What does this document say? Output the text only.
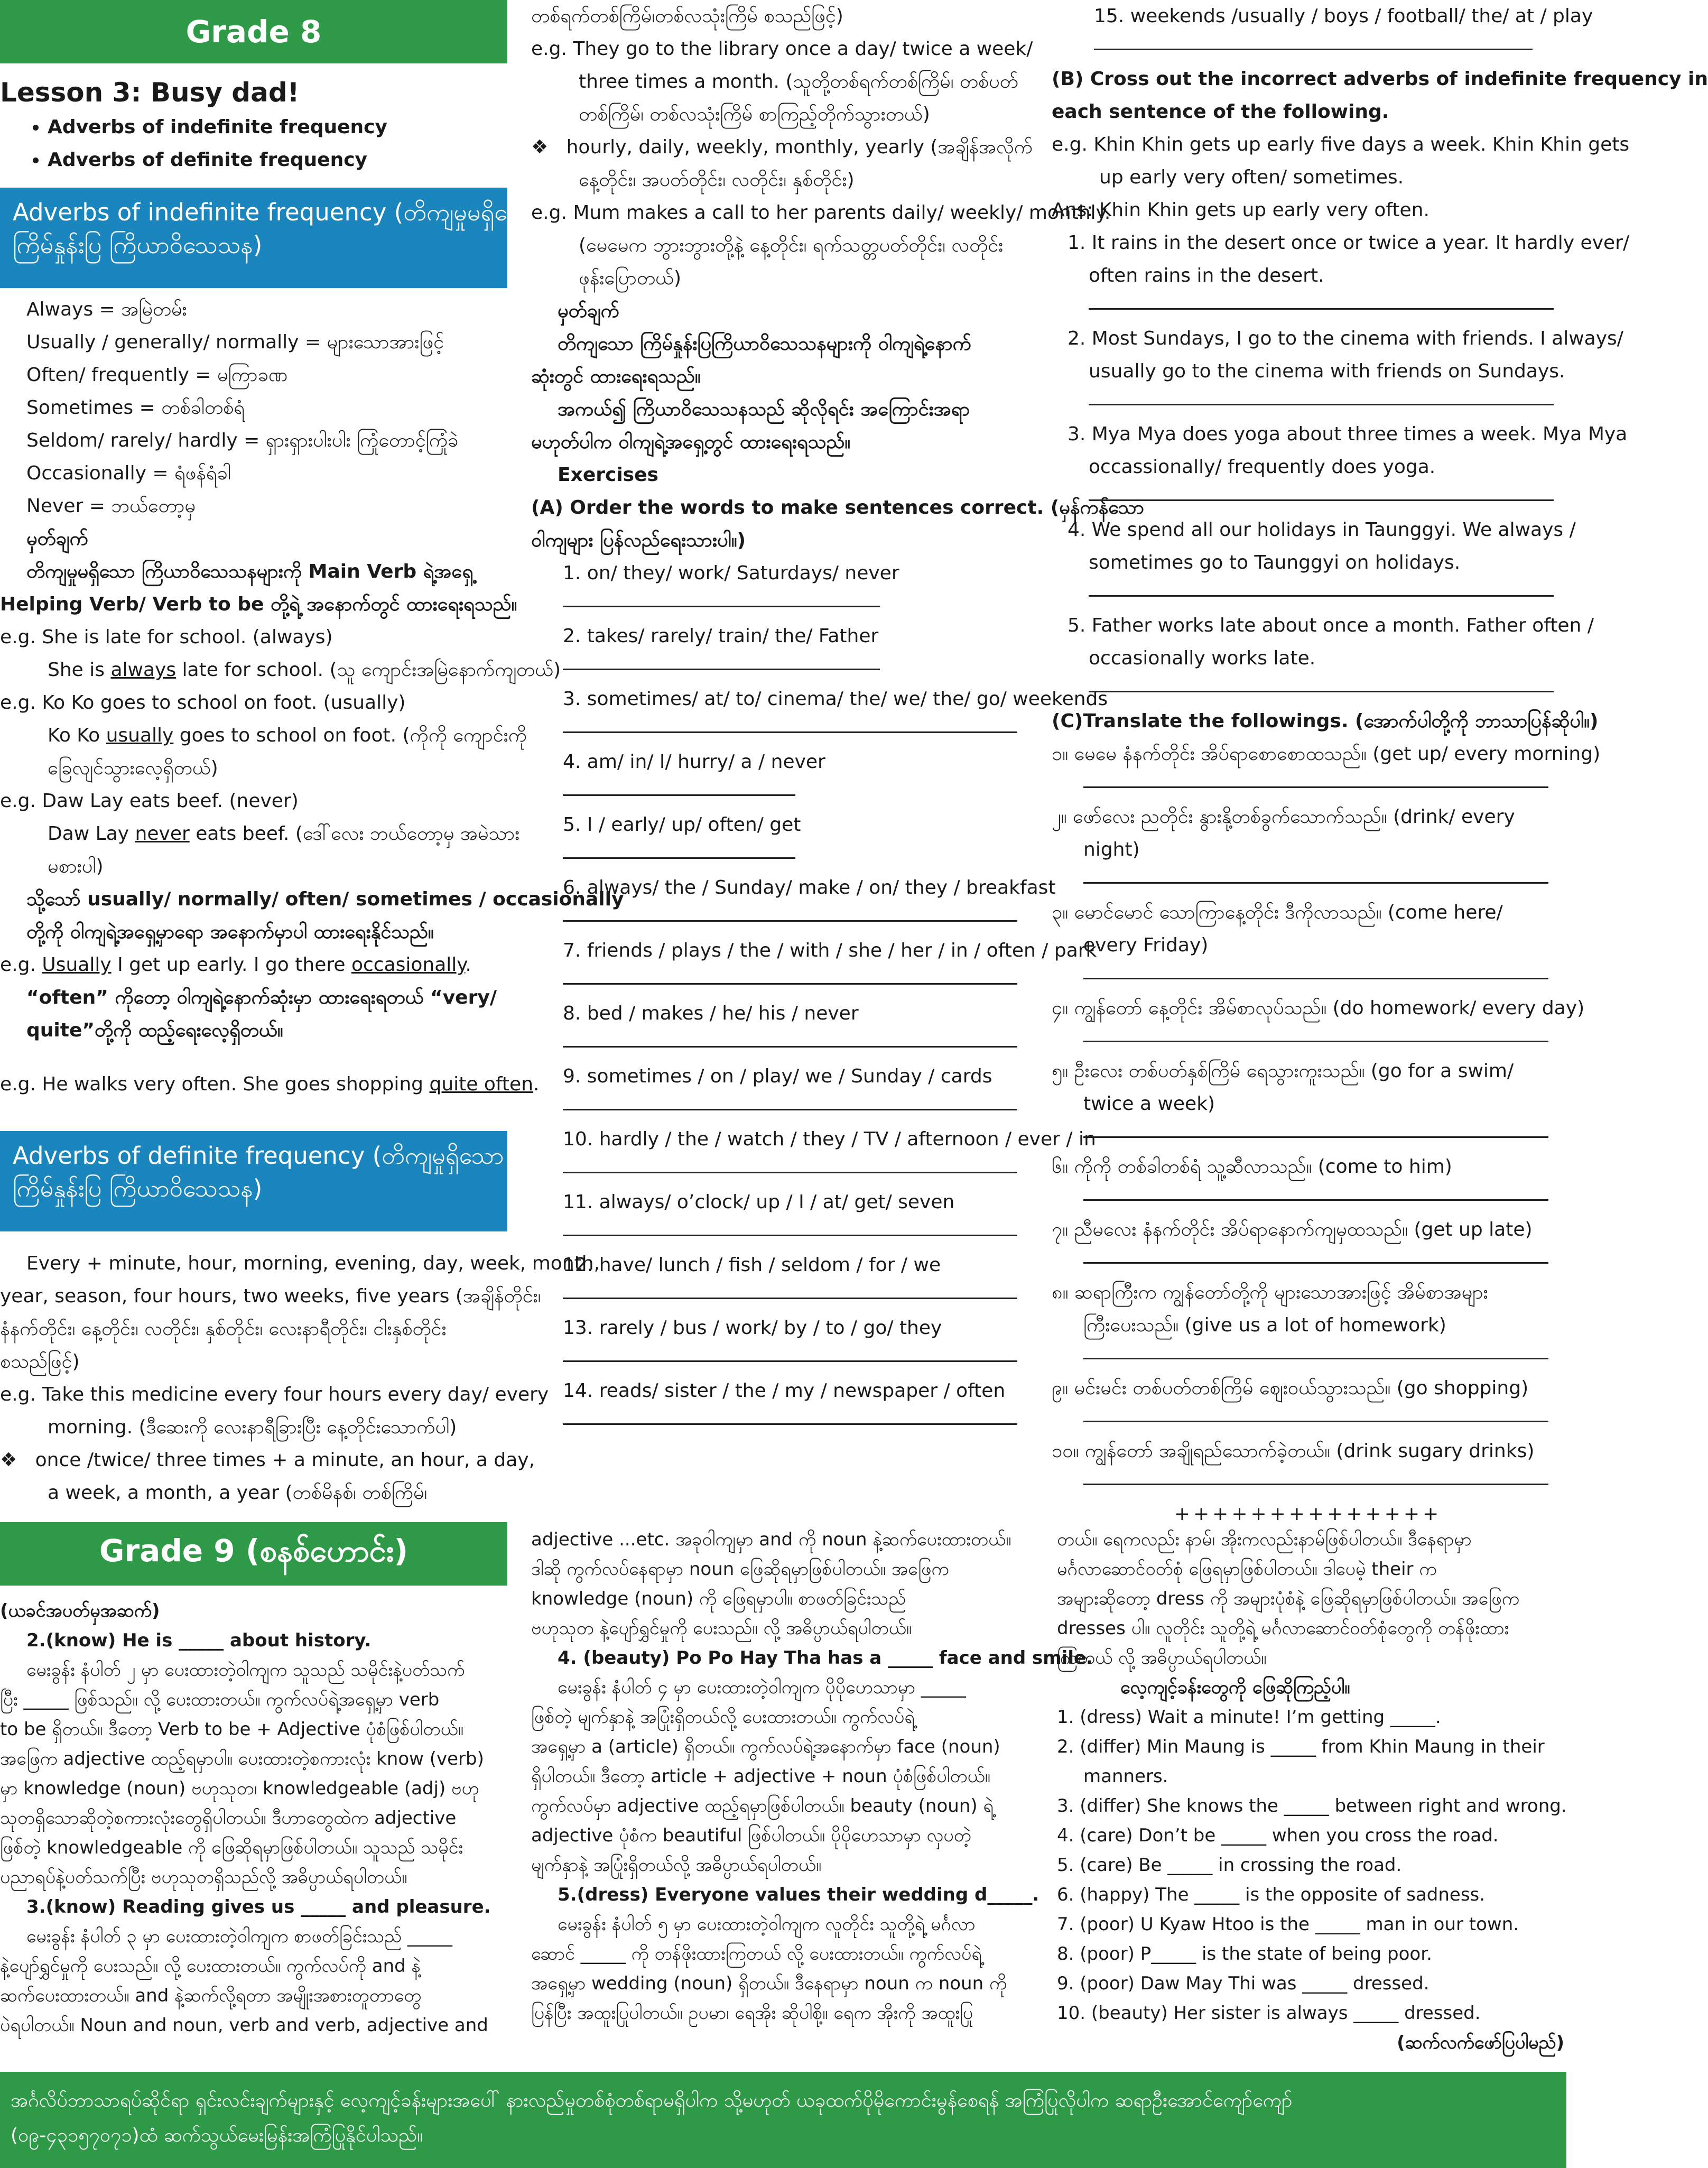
Grade 8
Lesson 3: Busy dad!
• Adverbs of indefinite frequency
• Adverbs of definite frequency
Adverbs of indefinite frequency (တိကျမှုမရှိသော
ကြိမ်နှုန်းပြ ကြိယာဝိသေသန)
Always = အမြဲတမ်း
Usually / generally/ normally = များသောအားဖြင့်
Often/ frequently = မကြာခဏ
Sometimes = တစ်ခါတစ်ရံ
Seldom/ rarely/ hardly = ရှားရှားပါးပါး ကြုံတောင့်ကြုံခဲ
Occasionally = ရံဖန်ရံခါ
Never = ဘယ်တော့မှ
မှတ်ချက်
တိကျမှုမရှိသော ကြိယာဝိသေသနများကို Main Verb ရဲ့အရှေ့
Helping Verb/ Verb to be တို့ရဲ့ အနောက်တွင် ထားရေးရသည်။
e.g. She is late for school. (always)
She is always late for school. (သူ ကျောင်းအမြဲနောက်ကျတယ်)
e.g. Ko Ko goes to school on foot. (usually)
Ko Ko usually goes to school on foot. (ကိုကို ကျောင်းကို
ခြေလျင်သွားလေ့ရှိတယ်)
e.g. Daw Lay eats beef. (never)
Daw Lay never eats beef. (ဒေါ်လေး ဘယ်တော့မှ အမဲသား
မစားပါ)
သို့သော် usually/ normally/ often/ sometimes / occasionally
တို့ကို ဝါကျရဲ့အရှေ့မှာရော အနောက်မှာပါ ထားရေးနိုင်သည်။
e.g. Usually I get up early. I go there occasionally.
“often” ကိုတော့ ဝါကျရဲ့နောက်ဆုံးမှာ ထားရေးရတယ် “very/
quite”တို့ကို ထည့်ရေးလေ့ရှိတယ်။
e.g. He walks very often. She goes shopping quite often.
Adverbs of definite frequency (တိကျမှုရှိသော
ကြိမ်နှုန်းပြ ကြိယာဝိသေသန)
Every + minute, hour, morning, evening, day, week, month,
year, season, four hours, two weeks, five years (အချိန်တိုင်း၊
နံနက်တိုင်း၊ နေ့တိုင်း၊ လတိုင်း၊ နှစ်တိုင်း၊ လေးနာရီတိုင်း၊ ငါးနှစ်တိုင်း
စသည်ဖြင့်)
e.g. Take this medicine every four hours every day/ every
morning. (ဒီဆေးကို လေးနာရီခြားပြီး နေ့တိုင်းသောက်ပါ)
❖   once /twice/ three times + a minute, an hour, a day,
a week, a month, a year (တစ်မိနစ်၊ တစ်ကြိမ်၊
တစ်ရက်တစ်ကြိမ်၊တစ်လသုံးကြိမ် စသည်ဖြင့်)
e.g. They go to the library once a day/ twice a week/
three times a month. (သူတို့တစ်ရက်တစ်ကြိမ်၊ တစ်ပတ်
တစ်ကြိမ်၊ တစ်လသုံးကြိမ် စာကြည့်တိုက်သွားတယ်)
❖   hourly, daily, weekly, monthly, yearly (အချိန်အလိုက်
နေ့တိုင်း၊ အပတ်တိုင်း၊ လတိုင်း၊ နှစ်တိုင်း)
e.g. Mum makes a call to her parents daily/ weekly/ monthly.
(မေမေက ဘွားဘွားတို့နဲ့ နေ့တိုင်း၊ ရက်သတ္တပတ်တိုင်း၊ လတိုင်း
ဖုန်းပြောတယ်)
မှတ်ချက်
တိကျသော ကြိမ်နှုန်းပြကြိယာဝိသေသနများကို ဝါကျရဲ့နောက်
ဆုံးတွင် ထားရေးရသည်။
အကယ်၍ ကြိယာဝိသေသနသည် ဆိုလိုရင်း အကြောင်းအရာ
မဟုတ်ပါက ဝါကျရဲ့အရှေ့တွင် ထားရေးရသည်။
Exercises
(A) Order the words to make sentences correct. (မှန်ကန်သော
ဝါကျများ ပြန်လည်ရေးသားပါ။)
1. on/ they/ work/ Saturdays/ never
2. takes/ rarely/ train/ the/ Father
3. sometimes/ at/ to/ cinema/ the/ we/ the/ go/ weekends
4. am/ in/ I/ hurry/ a / never
5. I / early/ up/ often/ get
6. always/ the / Sunday/ make / on/ they / breakfast
7. friends / plays / the / with / she / her / in / often / park
8. bed / makes / he/ his / never
9. sometimes / on / play/ we / Sunday / cards
10. hardly / the / watch / they / TV / afternoon / ever / in
11. always/ o’clock/ up / I / at/ get/ seven
12. have/ lunch / fish / seldom / for / we
13. rarely / bus / work/ by / to / go/ they
14. reads/ sister / the / my / newspaper / often
15. weekends /usually / boys / football/ the/ at / play
(B) Cross out the incorrect adverbs of indefinite frequency in
each sentence of the following.
e.g. Khin Khin gets up early five days a week. Khin Khin gets
up early very often/ sometimes.
Ans: Khin Khin gets up early very often.
1. It rains in the desert once or twice a year. It hardly ever/
often rains in the desert.
2. Most Sundays, I go to the cinema with friends. I always/
usually go to the cinema with friends on Sundays.
3. Mya Mya does yoga about three times a week. Mya Mya
occassionally/ frequently does yoga.
4. We spend all our holidays in Taunggyi. We always /
sometimes go to Taunggyi on holidays.
5. Father works late about once a month. Father often /
occasionally works late.
(C)Translate the followings. (အောက်ပါတို့ကို ဘာသာပြန်ဆိုပါ။)
၁။ မေမေ နံနက်တိုင်း အိပ်ရာစောစောထသည်။ (get up/ every morning)
၂။ ဖော်လေး ညတိုင်း နွားနို့တစ်ခွက်သောက်သည်။ (drink/ every
night)
၃။ မောင်မောင် သောကြာနေ့တိုင်း ဒီကိုလာသည်။ (come here/
every Friday)
၄။ ကျွန်တော် နေ့တိုင်း အိမ်စာလုပ်သည်။ (do homework/ every day)
၅။ ဦးလေး တစ်ပတ်နှစ်ကြိမ် ရေသွားကူးသည်။ (go for a swim/
twice a week)
၆။ ကိုကို တစ်ခါတစ်ရံ သူ့ဆီလာသည်။ (come to him)
၇။ ညီမလေး နံနက်တိုင်း အိပ်ရာနောက်ကျမှထသည်။ (get up late)
၈။ ဆရာကြီးက ကျွန်တော်တို့ကို များသောအားဖြင့် အိမ်စာအများ
ကြီးပေးသည်။ (give us a lot of homework)
၉။ မင်းမင်း တစ်ပတ်တစ်ကြိမ် ဈေးဝယ်သွားသည်။ (go shopping)
၁၀။ ကျွန်တော် အချိုရည်သောက်ခဲ့တယ်။ (drink sugary drinks)
++++++++++++++
Grade 9 (စနစ်ဟောင်း)
(ယခင်အပတ်မှအဆက်)
2.(know) He is _____ about history.
မေးခွန်း နံပါတ် ၂ မှာ ပေးထားတဲ့ဝါကျက သူသည် သမိုင်းနဲ့ပတ်သက်
ပြီး _____ ဖြစ်သည်။ လို့ ပေးထားတယ်။ ကွက်လပ်ရဲ့အရှေ့မှာ verb
to be ရှိတယ်။ ဒီတော့ Verb to be + Adjective ပုံစံဖြစ်ပါတယ်။
အဖြေက adjective ထည့်ရမှာပါ။ ပေးထားတဲ့စကားလုံး know (verb)
မှာ knowledge (noun) ဗဟုသုတ၊ knowledgeable (adj) ဗဟု
သုတရှိသောဆိုတဲ့စကားလုံးတွေရှိပါတယ်။ ဒီဟာတွေထဲက adjective
ဖြစ်တဲ့ knowledgeable ကို ဖြေဆိုရမှာဖြစ်ပါတယ်။ သူသည် သမိုင်း
ပညာရပ်နဲ့ပတ်သက်ပြီး ဗဟုသုတရှိသည်လို့ အဓိပ္ပာယ်ရပါတယ်။
3.(know) Reading gives us _____ and pleasure.
မေးခွန်း နံပါတ် ၃ မှာ ပေးထားတဲ့ဝါကျက စာဖတ်ခြင်းသည် _____
နဲ့ပျော်ရွှင်မှုကို ပေးသည်။ လို့ ပေးထားတယ်။ ကွက်လပ်ကို and နဲ့
ဆက်ပေးထားတယ်။ and နဲ့ဆက်လို့ရတာ အမျိုးအစားတူတာတွေ
ပဲရပါတယ်။ Noun and noun, verb and verb, adjective and
adjective ...etc. အခုဝါကျမှာ and ကို noun နဲ့ဆက်ပေးထားတယ်။
ဒါဆို ကွက်လပ်နေရာမှာ noun ဖြေဆိုရမှာဖြစ်ပါတယ်။ အဖြေက
knowledge (noun) ကို ဖြေရမှာပါ။ စာဖတ်ခြင်းသည်
ဗဟုသုတ နဲ့ပျော်ရွှင်မှုကို ပေးသည်။ လို့ အဓိပ္ပာယ်ရပါတယ်။
4. (beauty) Po Po Hay Tha has a _____ face and smile.
မေးခွန်း နံပါတ် ၄ မှာ ပေးထားတဲ့ဝါကျက ပိုပိုဟေသာမှာ _____
ဖြစ်တဲ့ မျက်နှာနဲ့ အပြုံးရှိတယ်လို့ ပေးထားတယ်။ ကွက်လပ်ရဲ့
အရှေ့မှာ a (article) ရှိတယ်။ ကွက်လပ်ရဲ့အနောက်မှာ face (noun)
ရှိပါတယ်။ ဒီတော့ article + adjective + noun ပုံစံဖြစ်ပါတယ်။
ကွက်လပ်မှာ adjective ထည့်ရမှာဖြစ်ပါတယ်။ beauty (noun) ရဲ့
adjective ပုံစံက beautiful ဖြစ်ပါတယ်။ ပိုပိုဟေသာမှာ လှပတဲ့
မျက်နှာနဲ့ အပြုံးရှိတယ်လို့ အဓိပ္ပာယ်ရပါတယ်။
5.(dress) Everyone values their wedding d_____.
မေးခွန်း နံပါတ် ၅ မှာ ပေးထားတဲ့ဝါကျက လူတိုင်း သူတို့ရဲ့ မင်္ဂလာ
ဆောင် _____ ကို တန်ဖိုးထားကြတယ် လို့ ပေးထားတယ်။ ကွက်လပ်ရဲ့
အရှေ့မှာ wedding (noun) ရှိတယ်။ ဒီနေရာမှာ noun က noun ကို
ပြန်ပြီး အထူးပြုပါတယ်။ ဥပမာ၊ ရေအိုး ဆိုပါစို့။ ရေက အိုးကို အထူးပြု
တယ်။ ရေကလည်း နာမ်၊ အိုးကလည်းနာမ်ဖြစ်ပါတယ်။ ဒီနေရာမှာ
မင်္ဂလာဆောင်ဝတ်စုံ ဖြေရမှာဖြစ်ပါတယ်။ ဒါပေမဲ့ their က
အများဆိုတော့ dress ကို အများပုံစံနဲ့ ဖြေဆိုရမှာဖြစ်ပါတယ်။ အဖြေက
dresses ပါ။ လူတိုင်း သူတို့ရဲ့ မင်္ဂလာဆောင်ဝတ်စုံတွေကို တန်ဖိုးထား
ကြတယ် လို့ အဓိပ္ပာယ်ရပါတယ်။
လေ့ကျင့်ခန်းတွေကို ဖြေဆိုကြည့်ပါ။
1. (dress) Wait a minute! I’m getting _____.
2. (differ) Min Maung is _____ from Khin Maung in their
manners.
3. (differ) She knows the _____ between right and wrong.
4. (care) Don’t be _____ when you cross the road.
5. (care) Be _____ in crossing the road.
6. (happy) The _____ is the opposite of sadness.
7. (poor) U Kyaw Htoo is the _____ man in our town.
8. (poor) P_____ is the state of being poor.
9. (poor) Daw May Thi was _____ dressed.
10. (beauty) Her sister is always _____ dressed.
(ဆက်လက်ဖော်ပြပါမည်)
အင်္ဂလိပ်ဘာသာရပ်ဆိုင်ရာ ရှင်းလင်းချက်များနှင့် လေ့ကျင့်ခန်းများအပေါ် နားလည်မှုတစ်စုံတစ်ရာမရှိပါက သို့မဟုတ် ယခုထက်ပိုမိုကောင်းမွန်စေရန် အကြံပြုလိုပါက ဆရာဦးအောင်ကျော်ကျော်
(၀၉-၄၃၁၅၇၀၇၁)ထံ ဆက်သွယ်မေးမြန်းအကြံပြုနိုင်ပါသည်။
